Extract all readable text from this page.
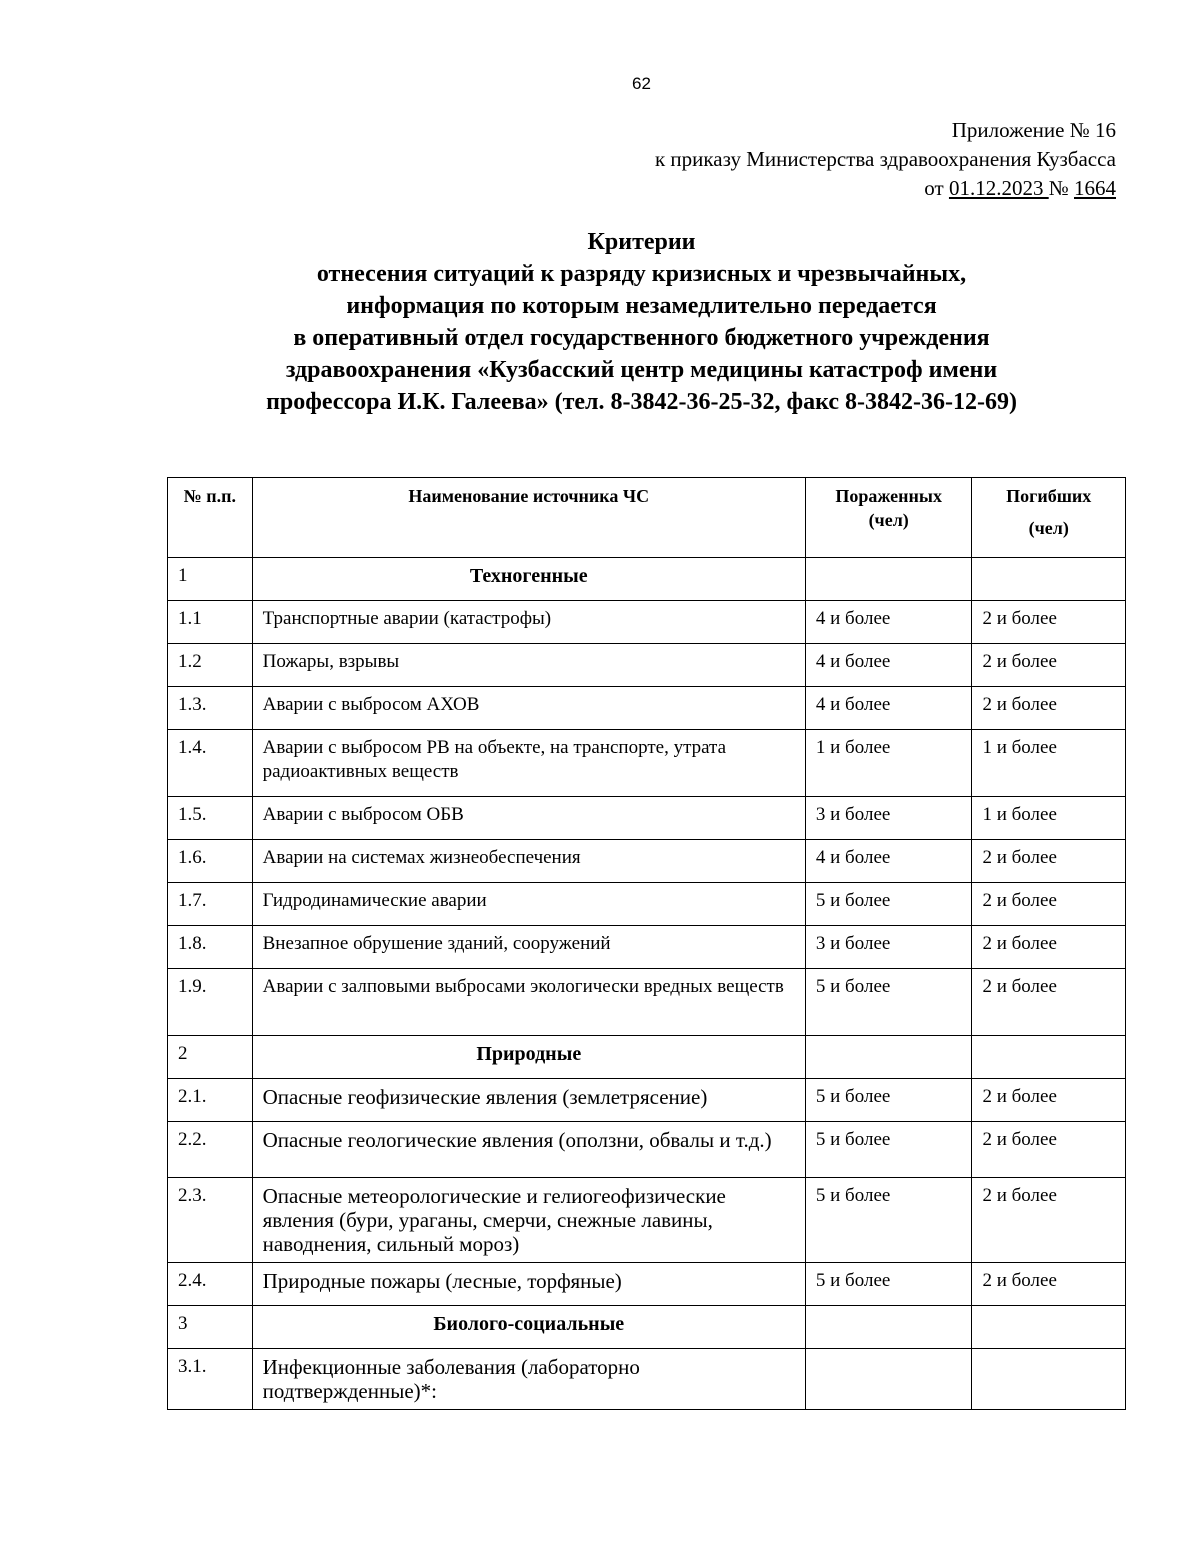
62
Приложение № 16
к приказу Министерства здравоохранения Кузбасса
от 01.12.2023 № 1664
Критерии
отнесения ситуаций к разряду кризисных и чрезвычайных,
информация по которым незамедлительно передается
в оперативный отдел государственного бюджетного учреждения
здравоохранения «Кузбасский центр медицины катастроф имени
профессора И.К. Галеева» (тел. 8-3842-36-25-32, факс 8-3842-36-12-69)
№ п.п.	Наименование источника ЧС	Пораженных (чел)	Погибших
(чел)

1	Техногенные		
1.1	Транспортные аварии (катастрофы)	4 и более	2 и более
1.2	Пожары, взрывы	4 и более	2 и более
1.3.	Аварии с выбросом АХОВ	4 и более	2 и более
1.4.	Аварии с выбросом РВ на объекте, на транспорте, утрата радиоактивных веществ	1 и более	1 и более
1.5.	Аварии с выбросом ОБВ	3 и более	1 и более
1.6.	Аварии на системах жизнеобеспечения	4 и более	2 и более
1.7.	Гидродинамические аварии	5 и более	2 и более
1.8.	Внезапное обрушение зданий, сооружений	3 и более	2 и более
1.9.	Аварии с залповыми выбросами экологически вредных веществ	5 и более	2 и более
2	Природные		
2.1.	Опасные геофизические явления (землетрясение)	5 и более	2 и более
2.2.	Опасные геологические явления (оползни, обвалы и т.д.)	5 и более	2 и более
2.3.	Опасные метеорологические и гелиогеофизические явления (бури, ураганы, смерчи, снежные лавины, наводнения, сильный мороз)	5 и более	2 и более
2.4.	Природные пожары (лесные, торфяные)	5 и более	2 и более
3	Биолого-социальные		
3.1.	Инфекционные заболевания (лабораторно подтвержденные)*:		
